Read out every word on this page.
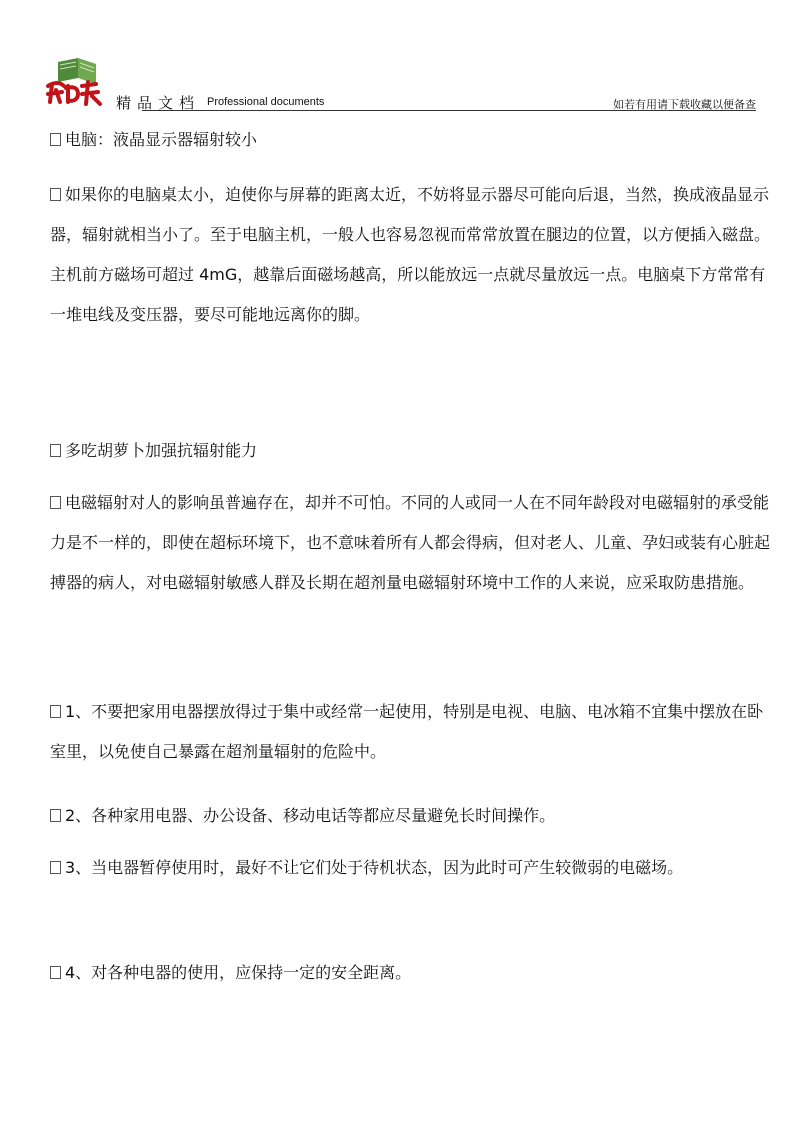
精品文档 Professional documents	如若有用请下载收藏以便备查
电脑：液晶显示器辐射较小
如果你的电脑桌太小，迫使你与屏幕的距离太近，不妨将显示器尽可能向后退，当然，换成液晶显示器，辐射就相当小了。至于电脑主机，一般人也容易忽视而常常放置在腿边的位置，以方便插入磁盘。主机前方磁场可超过 4mG，越靠后面磁场越高，所以能放远一点就尽量放远一点。电脑桌下方常常有一堆电线及变压器，要尽可能地远离你的脚。
多吃胡萝卜加强抗辐射能力
电磁辐射对人的影响虽普遍存在，却并不可怕。不同的人或同一人在不同年龄段对电磁辐射的承受能力是不一样的，即使在超标环境下，也不意味着所有人都会得病，但对老人、儿童、孕妇或装有心脏起搏器的病人，对电磁辐射敏感人群及长期在超剂量电磁辐射环境中工作的人来说，应采取防患措施。
1、不要把家用电器摆放得过于集中或经常一起使用，特别是电视、电脑、电冰箱不宜集中摆放在卧室里，以免使自己暴露在超剂量辐射的危险中。
2、各种家用电器、办公设备、移动电话等都应尽量避免长时间操作。
3、当电器暂停使用时，最好不让它们处于待机状态，因为此时可产生较微弱的电磁场。
4、对各种电器的使用，应保持一定的安全距离。
